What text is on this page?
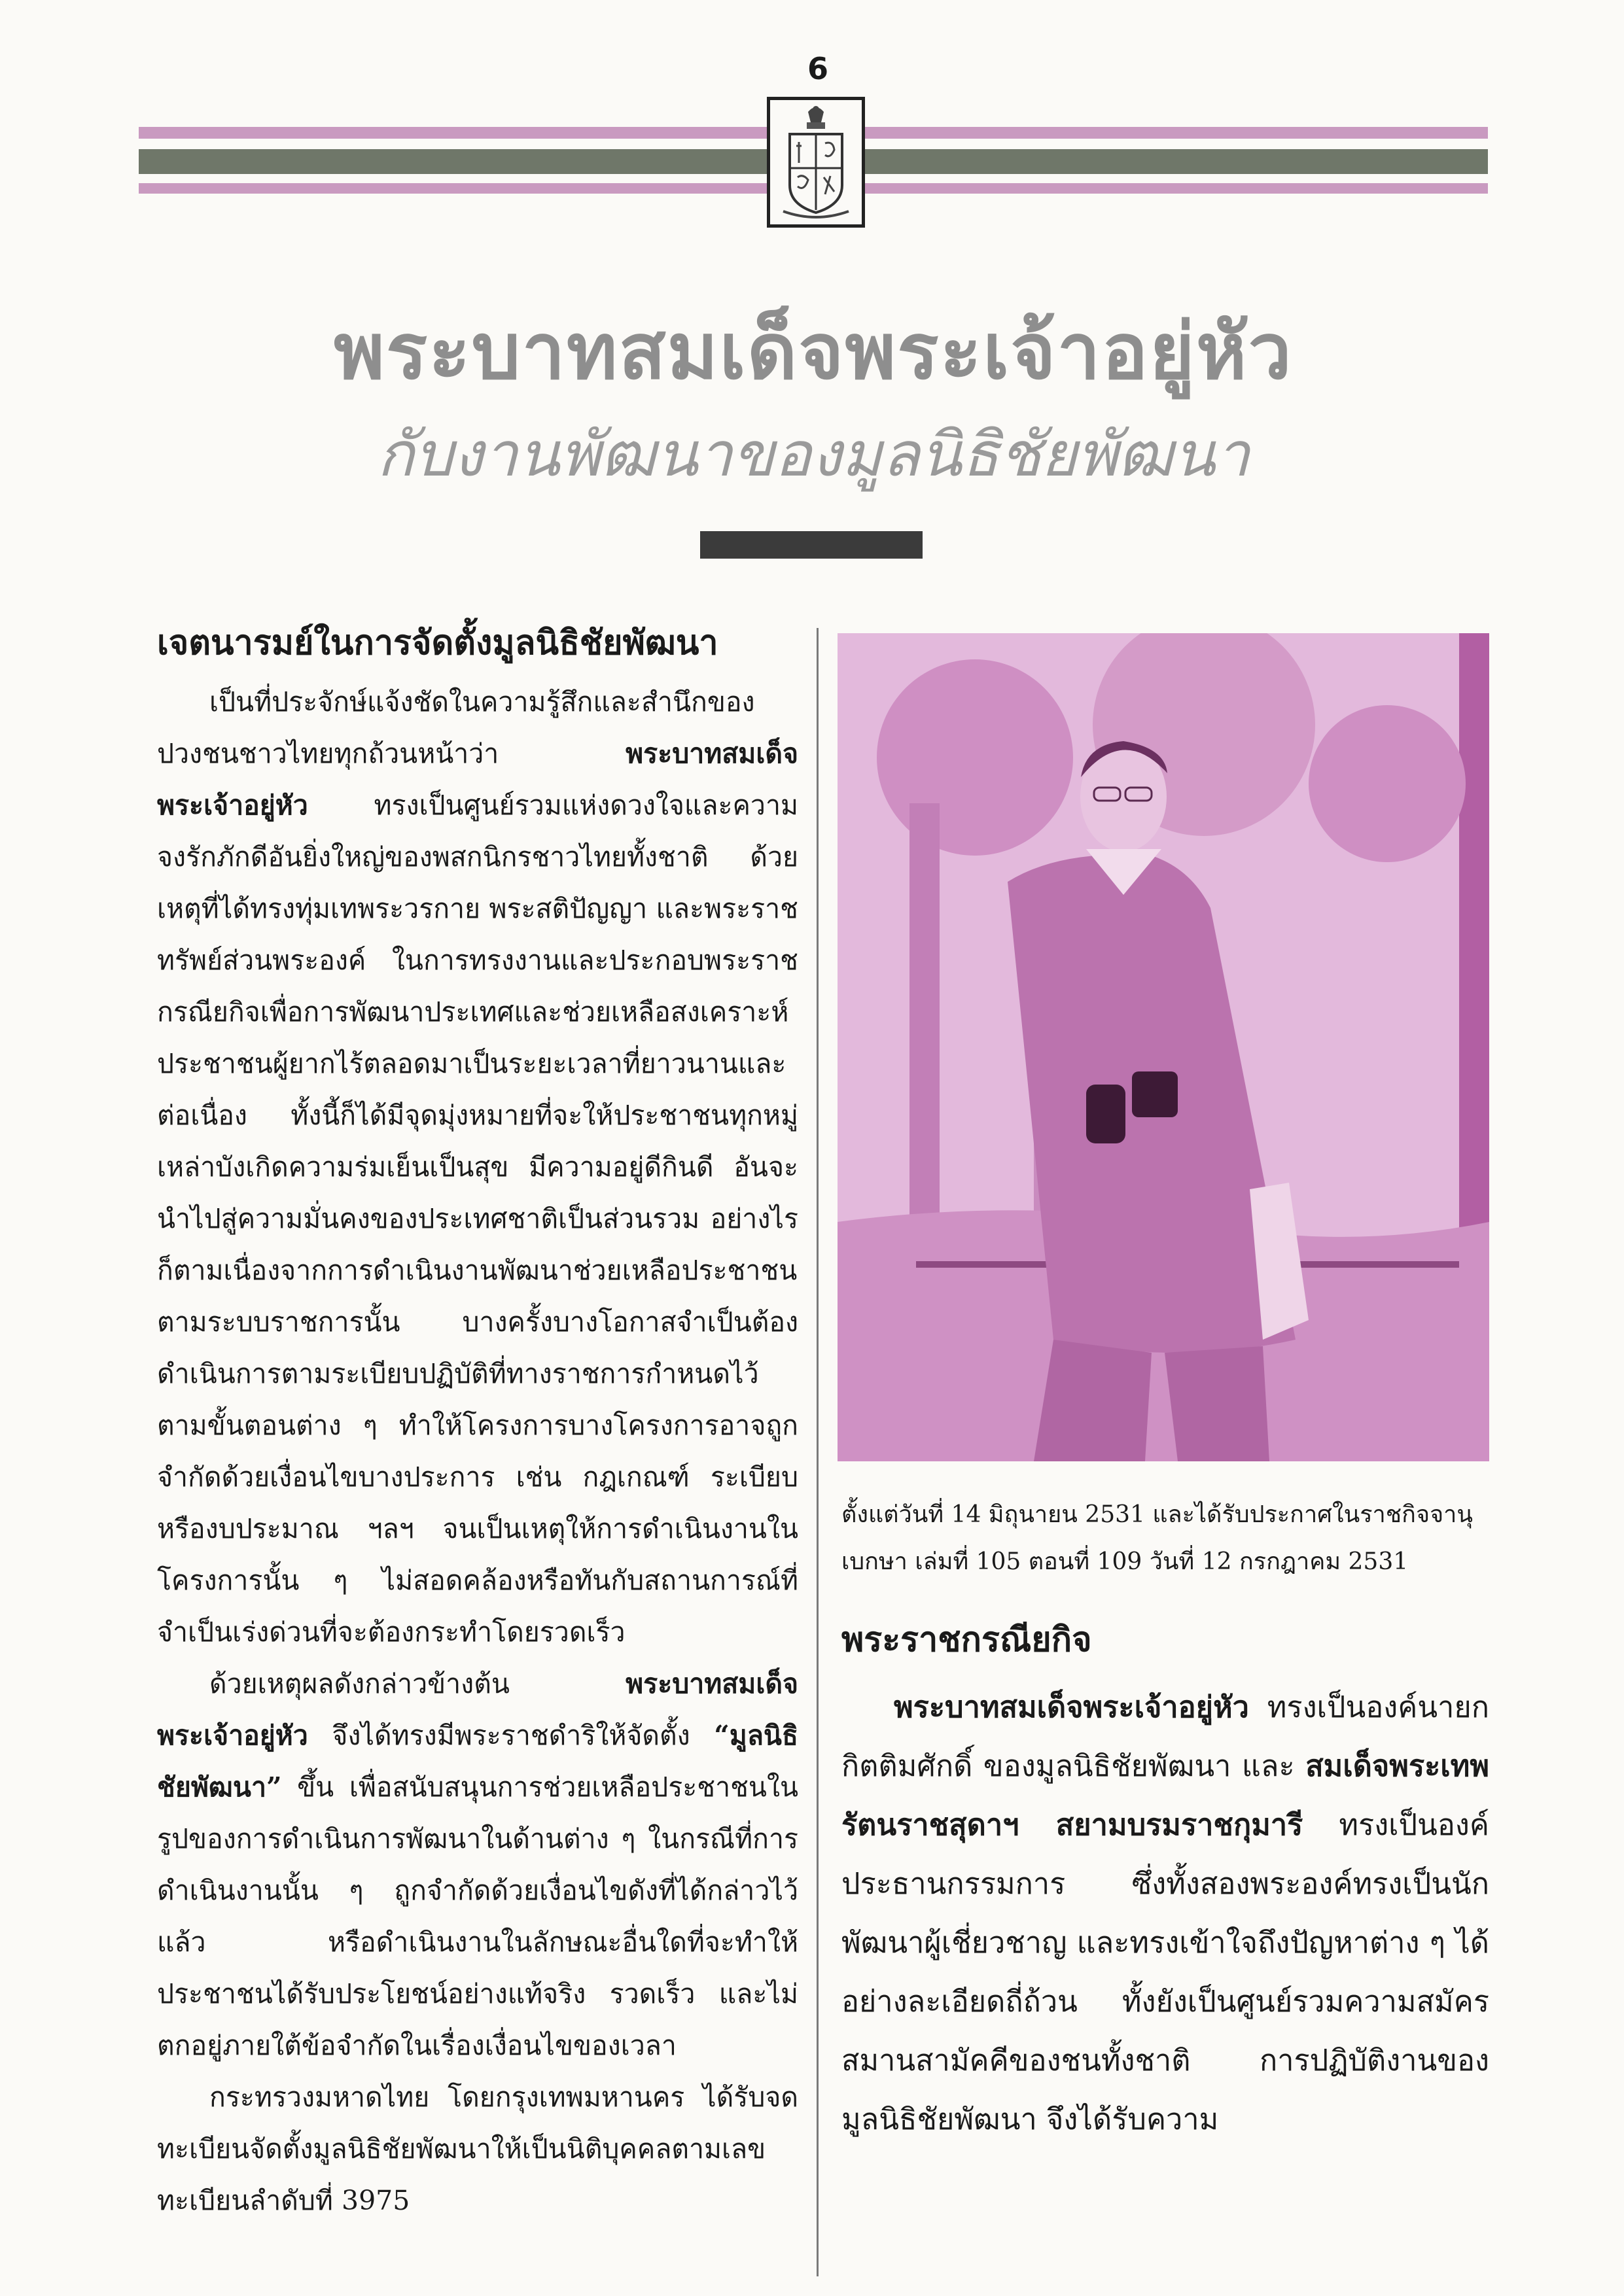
6
พระบาทสมเด็จพระเจ้าอยู่หัว
กับงานพัฒนาของมูลนิธิชัยพัฒนา
เจตนารมย์ในการจัดตั้งมูลนิธิชัยพัฒนา

เป็นที่ประจักษ์แจ้งชัดในความรู้สึกและสำนึกของปวงชนชาวไทยทุกถ้วนหน้าว่า พระบาทสมเด็จพระเจ้าอยู่หัว ทรงเป็นศูนย์รวมแห่งดวงใจและความจงรักภักดีอันยิ่งใหญ่ของพสกนิกรชาวไทยทั้งชาติ ด้วยเหตุที่ได้ทรงทุ่มเทพระวรกาย พระสติปัญญา และพระราชทรัพย์ส่วนพระองค์ ในการทรงงานและประกอบพระราชกรณียกิจเพื่อการพัฒนาประเทศและช่วยเหลือสงเคราะห์ประชาชนผู้ยากไร้ตลอดมาเป็นระยะเวลาที่ยาวนานและต่อเนื่อง ทั้งนี้ก็ได้มีจุดมุ่งหมายที่จะให้ประชาชนทุกหมู่เหล่าบังเกิดความร่มเย็นเป็นสุข มีความอยู่ดีกินดี อันจะนำไปสู่ความมั่นคงของประเทศชาติเป็นส่วนรวม อย่างไรก็ตามเนื่องจากการดำเนินงานพัฒนาช่วยเหลือประชาชนตามระบบราชการนั้น บางครั้งบางโอกาสจำเป็นต้องดำเนินการตามระเบียบปฏิบัติที่ทางราชการกำหนดไว้ตามขั้นตอนต่าง ๆ ทำให้โครงการบางโครงการอาจถูกจำกัดด้วยเงื่อนไขบางประการ เช่น กฎเกณฑ์ ระเบียบ หรืองบประมาณ ฯลฯ จนเป็นเหตุให้การดำเนินงานในโครงการนั้น ๆ ไม่สอดคล้องหรือทันกับสถานการณ์ที่จำเป็นเร่งด่วนที่จะต้องกระทำโดยรวดเร็ว

ด้วยเหตุผลดังกล่าวข้างต้น พระบาทสมเด็จพระเจ้าอยู่หัว จึงได้ทรงมีพระราชดำริให้จัดตั้ง “มูลนิธิชัยพัฒนา” ขึ้น เพื่อสนับสนุนการช่วยเหลือประชาชนในรูปของการดำเนินการพัฒนาในด้านต่าง ๆ ในกรณีที่การดำเนินงานนั้น ๆ ถูกจำกัดด้วยเงื่อนไขดังที่ได้กล่าวไว้แล้ว หรือดำเนินงานในลักษณะอื่นใดที่จะทำให้ประชาชนได้รับประโยชน์อย่างแท้จริง รวดเร็ว และไม่ตกอยู่ภายใต้ข้อจำกัดในเรื่องเงื่อนไขของเวลา

กระทรวงมหาดไทย โดยกรุงเทพมหานคร ได้รับจดทะเบียนจัดตั้งมูลนิธิชัยพัฒนาให้เป็นนิติบุคคลตามเลขทะเบียนลำดับที่ 3975

ตั้งแต่วันที่ 14 มิถุนายน 2531 และได้รับประกาศในราชกิจจานุเบกษา เล่มที่ 105 ตอนที่ 109 วันที่ 12 กรกฎาคม 2531

พระราชกรณียกิจ

พระบาทสมเด็จพระเจ้าอยู่หัว ทรงเป็นองค์นายกกิตติมศักดิ์ ของมูลนิธิชัยพัฒนา และ สมเด็จพระเทพรัตนราชสุดาฯ สยามบรมราชกุมารี ทรงเป็นองค์ประธานกรรมการ ซึ่งทั้งสองพระองค์ทรงเป็นนักพัฒนาผู้เชี่ยวชาญ และทรงเข้าใจถึงปัญหาต่าง ๆ ได้อย่างละเอียดถี่ถ้วน ทั้งยังเป็นศูนย์รวมความสมัครสมานสามัคคีของชนทั้งชาติ การปฏิบัติงานของมูลนิธิชัยพัฒนา จึงได้รับความ
